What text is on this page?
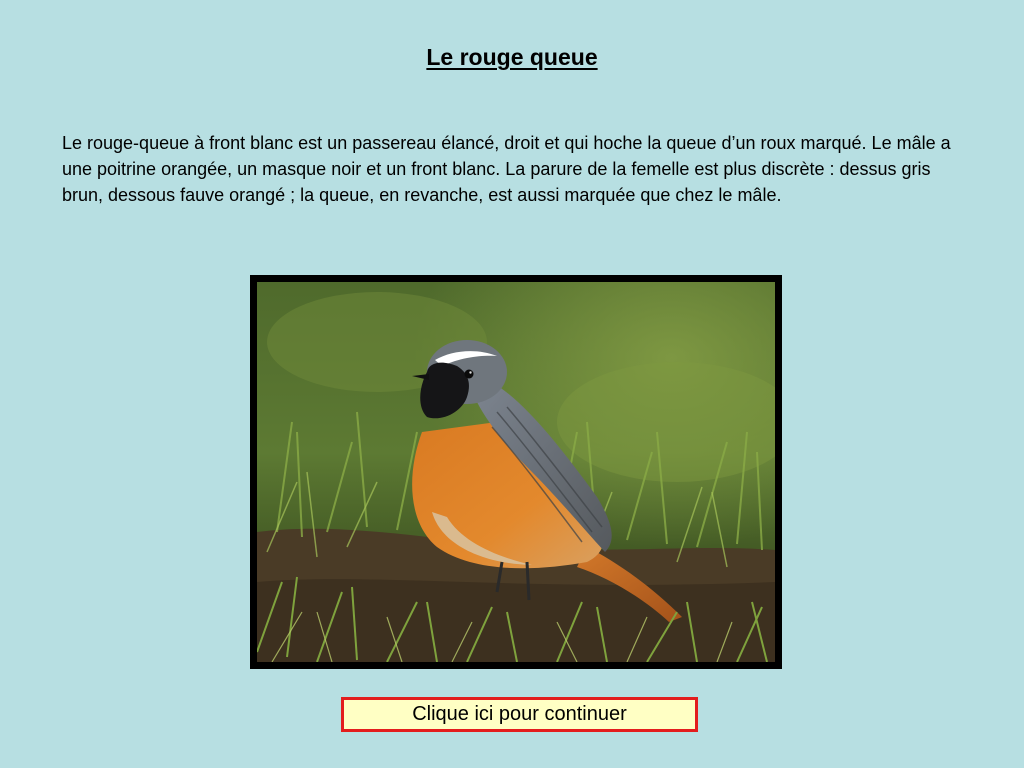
Le rouge queue

Le rouge-queue à front blanc est un passereau élancé, droit et qui hoche la queue d’un roux marqué. Le mâle a une poitrine orangée, un masque noir et un front blanc. La parure de la femelle est plus discrète : dessus gris brun, dessous fauve orangé ; la queue, en revanche, est aussi marquée que chez le mâle.

Clique ici pour continuer
